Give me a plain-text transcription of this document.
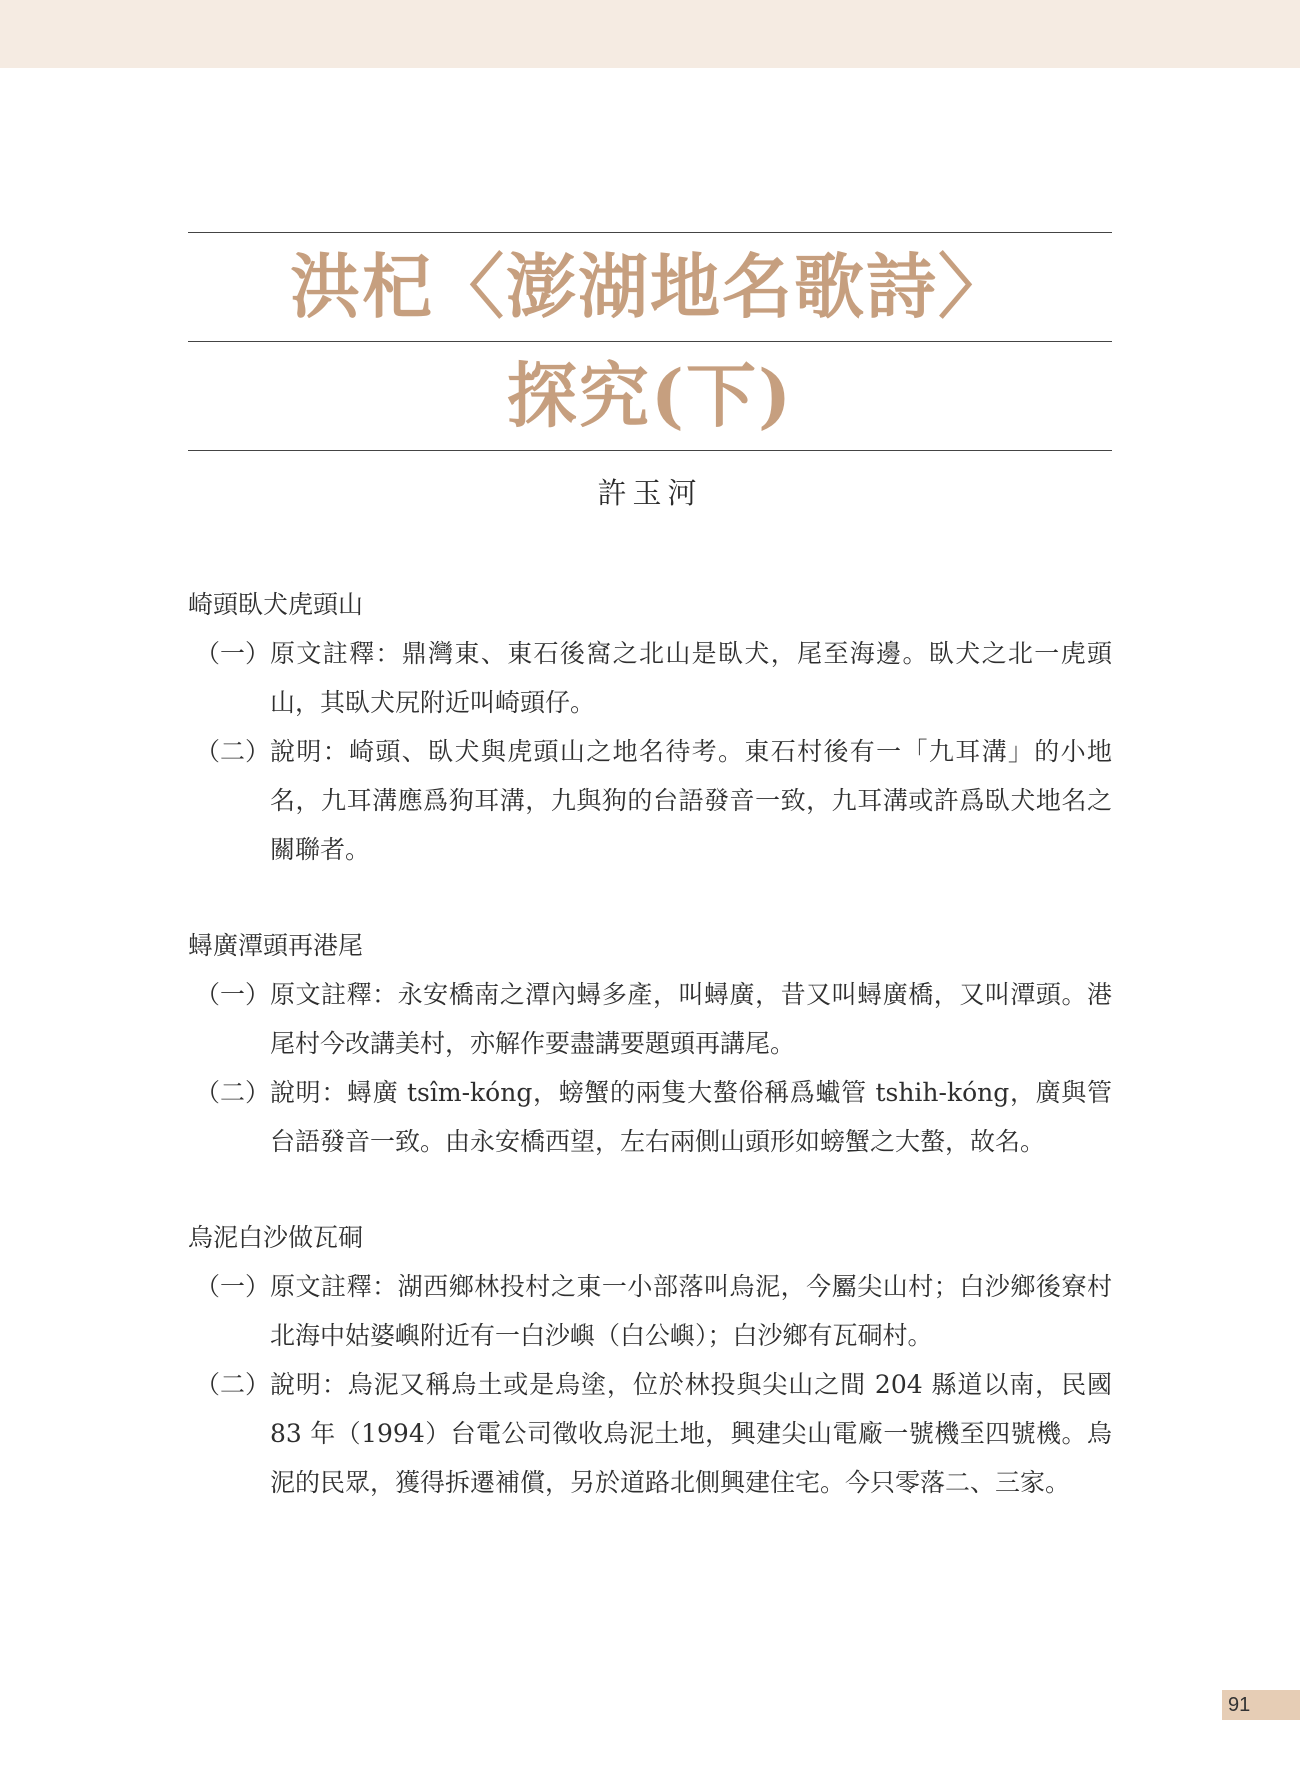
洪杞〈澎湖地名歌詩〉
探究(下)
許玉河
崎頭臥犬虎頭山
（一） 原文註釋：鼎灣東、東石後窩之北山是臥犬，尾至海邊。臥犬之北一虎頭山，其臥犬尻附近叫崎頭仔。
（二） 說明：崎頭、臥犬與虎頭山之地名待考。東石村後有一「九耳溝」的小地名，九耳溝應爲狗耳溝，九與狗的台語發音一致，九耳溝或許爲臥犬地名之關聯者。
蟳廣潭頭再港尾
（一） 原文註釋：永安橋南之潭內蟳多產，叫蟳廣，昔又叫蟳廣橋，又叫潭頭。港尾村今改講美村，亦解作要盡講要題頭再講尾。
（二） 說明：蟳廣 tsîm-kóng，螃蟹的兩隻大螯俗稱爲蠘管 tshih-kóng，廣與管台語發音一致。由永安橋西望，左右兩側山頭形如螃蟹之大螯，故名。
烏泥白沙做瓦硐
（一） 原文註釋：湖西鄉林投村之東一小部落叫烏泥，今屬尖山村；白沙鄉後寮村北海中姑婆嶼附近有一白沙嶼（白公嶼）；白沙鄉有瓦硐村。
（二） 說明：烏泥又稱烏土或是烏塗，位於林投與尖山之間 204 縣道以南，民國 83 年（1994）台電公司徵收烏泥土地，興建尖山電廠一號機至四號機。烏泥的民眾，獲得拆遷補償，另於道路北側興建住宅。今只零落二、三家。
91
